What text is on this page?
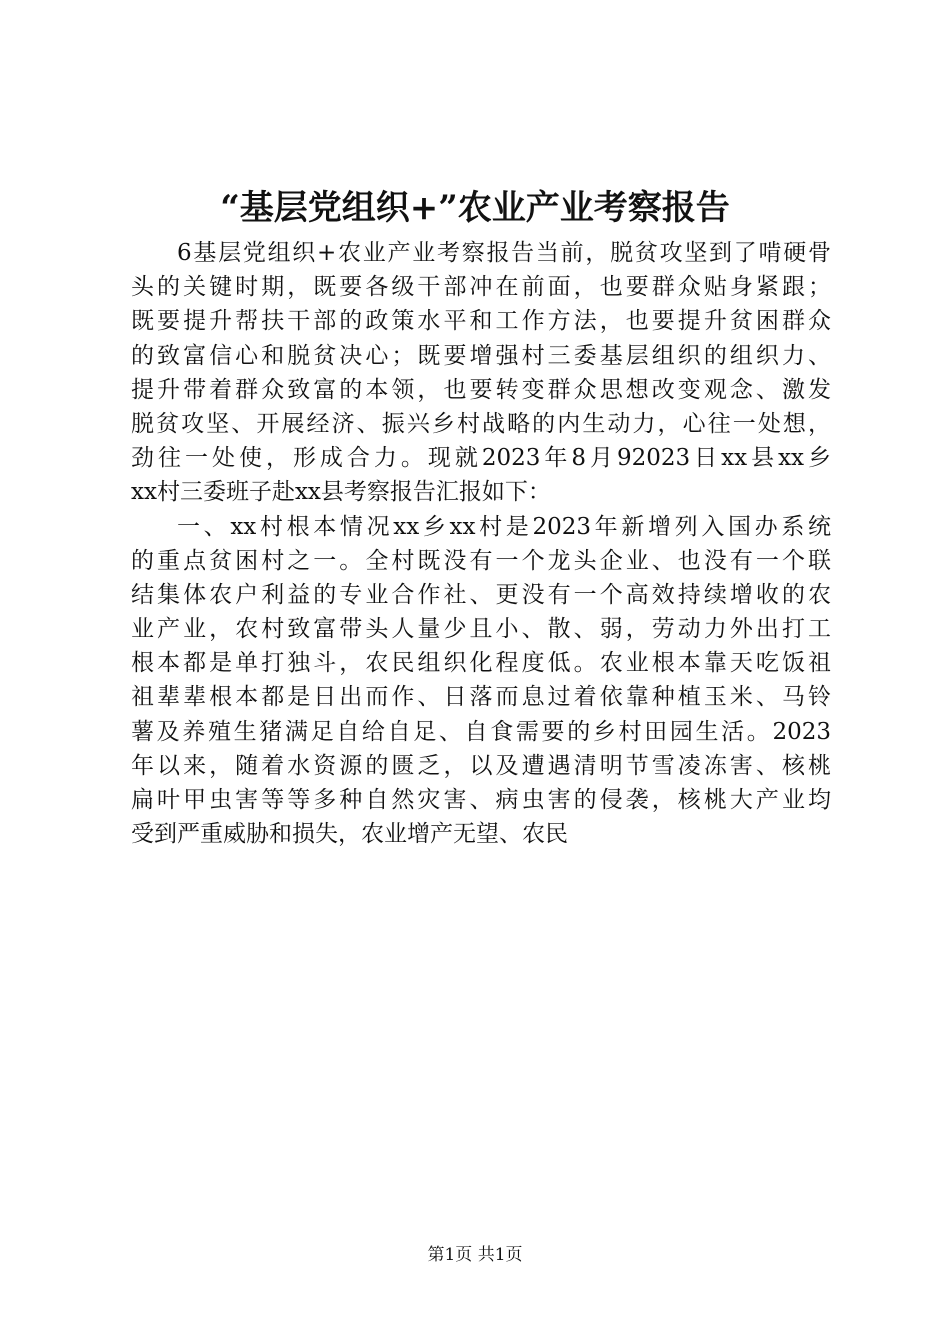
“基层党组织+”农业产业考察报告
6基层党组织+农业产业考察报告当前，脱贫攻坚到了啃硬骨
头的关键时期，既要各级干部冲在前面，也要群众贴身紧跟；
既要提升帮扶干部的政策水平和工作方法，也要提升贫困群众
的致富信心和脱贫决心；既要增强村三委基层组织的组织力、
提升带着群众致富的本领，也要转变群众思想改变观念、激发
脱贫攻坚、开展经济、振兴乡村战略的内生动力，心往一处想，
劲往一处使，形成合力。现就2023年8月92023日xx县xx乡
xx村三委班子赴xx县考察报告汇报如下：
一、xx村根本情况xx乡xx村是2023年新增列入国办系统
的重点贫困村之一。全村既没有一个龙头企业、也没有一个联
结集体农户利益的专业合作社、更没有一个高效持续增收的农
业产业，农村致富带头人量少且小、散、弱，劳动力外出打工
根本都是单打独斗，农民组织化程度低。农业根本靠天吃饭祖
祖辈辈根本都是日出而作、日落而息过着依靠种植玉米、马铃
薯及养殖生猪满足自给自足、自食需要的乡村田园生活。2023
年以来，随着水资源的匮乏，以及遭遇清明节雪凌冻害、核桃
扁叶甲虫害等等多种自然灾害、病虫害的侵袭，核桃大产业均
受到严重威胁和损失，农业增产无望、农民
第1页 共1页
